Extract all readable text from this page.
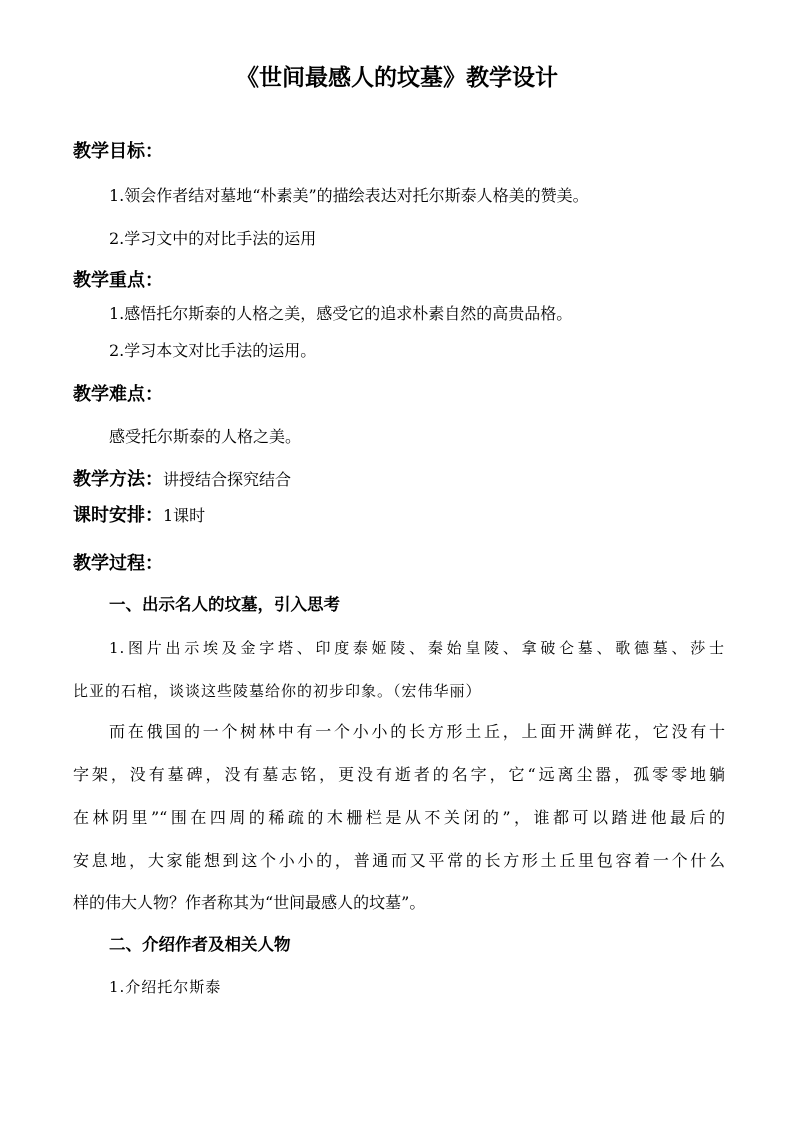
《世间最感人的坟墓》教学设计
教学目标：
1.领会作者结对墓地“朴素美”的描绘表达对托尔斯泰人格美的赞美。
2.学习文中的对比手法的运用
教学重点：
1.感悟托尔斯泰的人格之美，感受它的追求朴素自然的高贵品格。
2.学习本文对比手法的运用。
教学难点：
感受托尔斯泰的人格之美。
教学方法：讲授结合探究结合
课时安排：1课时
教学过程：
一、出示名人的坟墓，引入思考
1.图片出示埃及金字塔、印度泰姬陵、秦始皇陵、拿破仑墓、歌德墓、莎士
比亚的石棺，谈谈这些陵墓给你的初步印象。（宏伟华丽）
而在俄国的一个树林中有一个小小的长方形土丘，上面开满鲜花，它没有十
字架，没有墓碑，没有墓志铭，更没有逝者的名字，它“远离尘嚣，孤零零地躺
在林阴里”“围在四周的稀疏的木栅栏是从不关闭的”，谁都可以踏进他最后的
安息地，大家能想到这个小小的，普通而又平常的长方形土丘里包容着一个什么
样的伟大人物？作者称其为“世间最感人的坟墓”。
二、介绍作者及相关人物
1.介绍托尔斯泰
